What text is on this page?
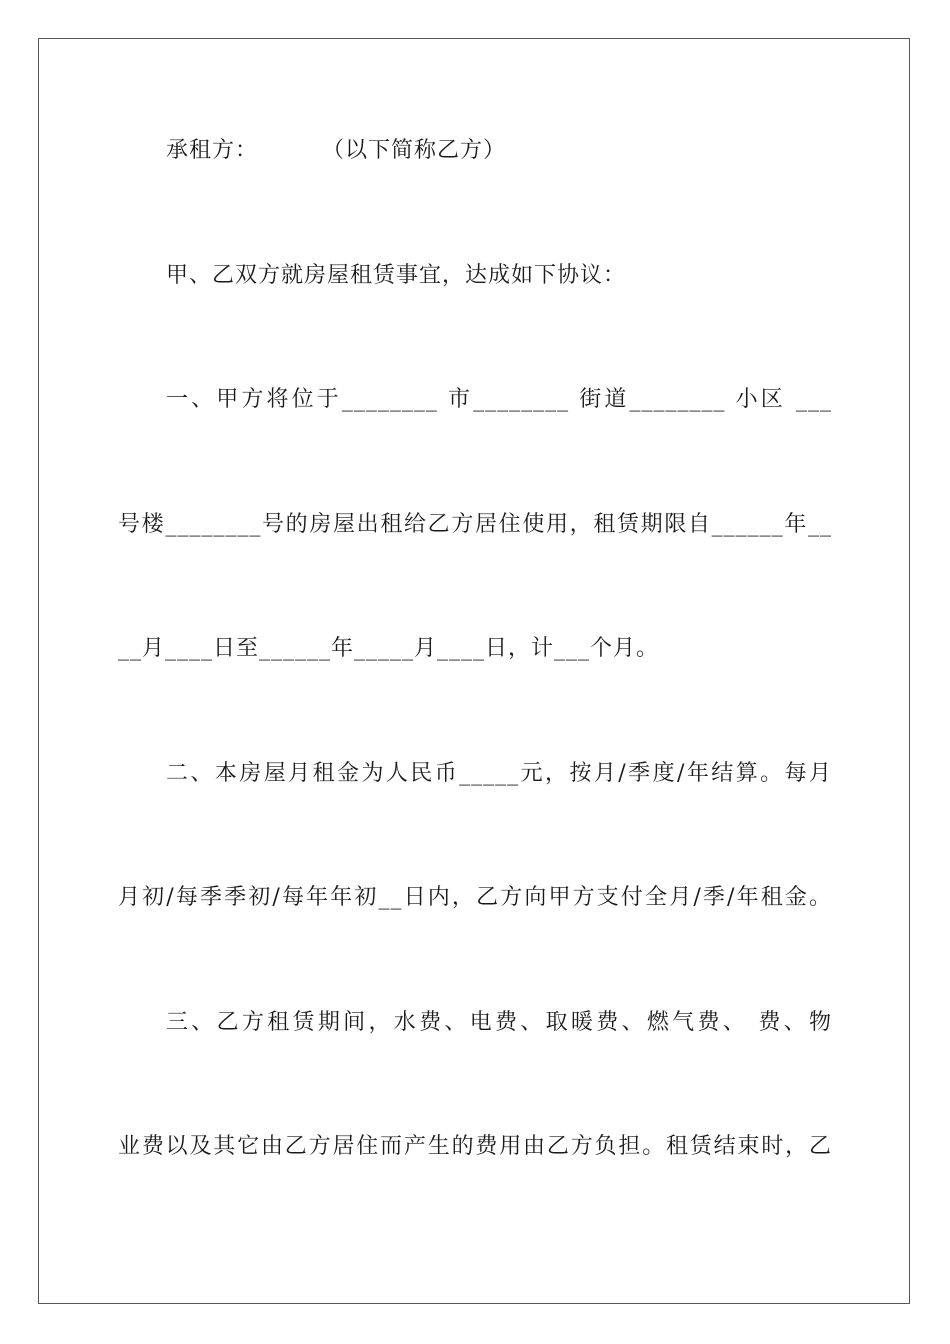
承租方：        （以下简称乙方）
甲、乙双方就房屋租赁事宜，达成如下协议：
一、甲方将位于________ 市________ 街道________ 小区 ___
号楼________号的房屋出租给乙方居住使用，租赁期限自______年__
__月____日至______年_____月____日，计___个月。
二、本房屋月租金为人民币_____元，按月/季度/年结算。每月
月初/每季季初/每年年初__日内，乙方向甲方支付全月/季/年租金。
三、乙方租赁期间，水费、电费、取暖费、燃气费、 费、物
业费以及其它由乙方居住而产生的费用由乙方负担。租赁结束时，乙
